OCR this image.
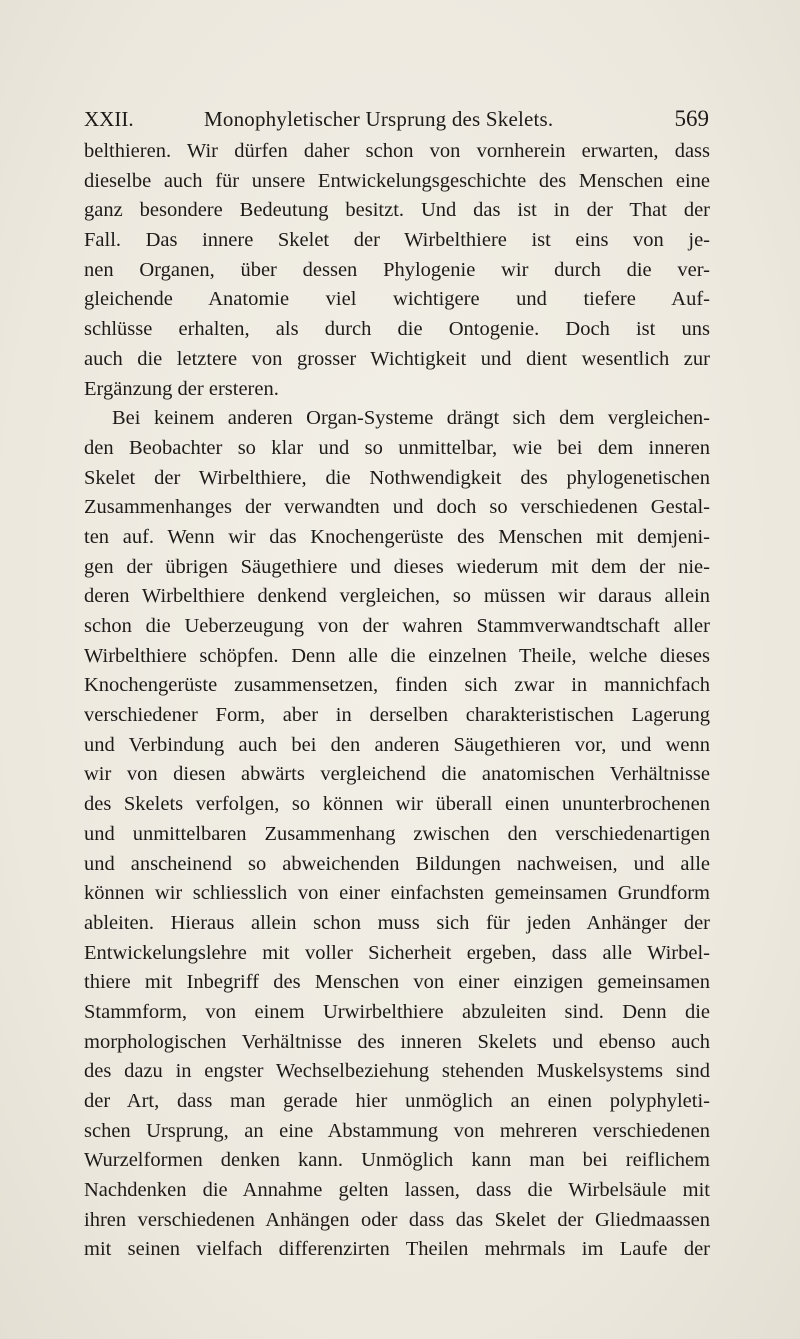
XXII.	Monophyletischer Ursprung des Skelets.	569
belthieren. Wir dürfen daher schon von vornherein erwarten, dass
dieselbe auch für unsere Entwickelungsgeschichte des Menschen eine
ganz besondere Bedeutung besitzt. Und das ist in der That der
Fall. Das innere Skelet der Wirbelthiere ist eins von je-
nen Organen, über dessen Phylogenie wir durch die ver-
gleichende Anatomie viel wichtigere und tiefere Auf-
schlüsse erhalten, als durch die Ontogenie. Doch ist uns
auch die letztere von grosser Wichtigkeit und dient wesentlich zur
Ergänzung der ersteren.
Bei keinem anderen Organ-Systeme drängt sich dem vergleichen-
den Beobachter so klar und so unmittelbar, wie bei dem inneren
Skelet der Wirbelthiere, die Nothwendigkeit des phylogenetischen
Zusammenhanges der verwandten und doch so verschiedenen Gestal-
ten auf. Wenn wir das Knochengerüste des Menschen mit demjeni-
gen der übrigen Säugethiere und dieses wiederum mit dem der nie-
deren Wirbelthiere denkend vergleichen, so müssen wir daraus allein
schon die Ueberzeugung von der wahren Stammverwandtschaft aller
Wirbelthiere schöpfen. Denn alle die einzelnen Theile, welche dieses
Knochengerüste zusammensetzen, finden sich zwar in mannichfach
verschiedener Form, aber in derselben charakteristischen Lagerung
und Verbindung auch bei den anderen Säugethieren vor, und wenn
wir von diesen abwärts vergleichend die anatomischen Verhältnisse
des Skelets verfolgen, so können wir überall einen ununterbrochenen
und unmittelbaren Zusammenhang zwischen den verschiedenartigen
und anscheinend so abweichenden Bildungen nachweisen, und alle
können wir schliesslich von einer einfachsten gemeinsamen Grundform
ableiten. Hieraus allein schon muss sich für jeden Anhänger der
Entwickelungslehre mit voller Sicherheit ergeben, dass alle Wirbel-
thiere mit Inbegriff des Menschen von einer einzigen gemeinsamen
Stammform, von einem Urwirbelthiere abzuleiten sind. Denn die
morphologischen Verhältnisse des inneren Skelets und ebenso auch
des dazu in engster Wechselbeziehung stehenden Muskelsystems sind
der Art, dass man gerade hier unmöglich an einen polyphyleti-
schen Ursprung, an eine Abstammung von mehreren verschiedenen
Wurzelformen denken kann. Unmöglich kann man bei reiflichem
Nachdenken die Annahme gelten lassen, dass die Wirbelsäule mit
ihren verschiedenen Anhängen oder dass das Skelet der Gliedmaassen
mit seinen vielfach differenzirten Theilen mehrmals im Laufe der
